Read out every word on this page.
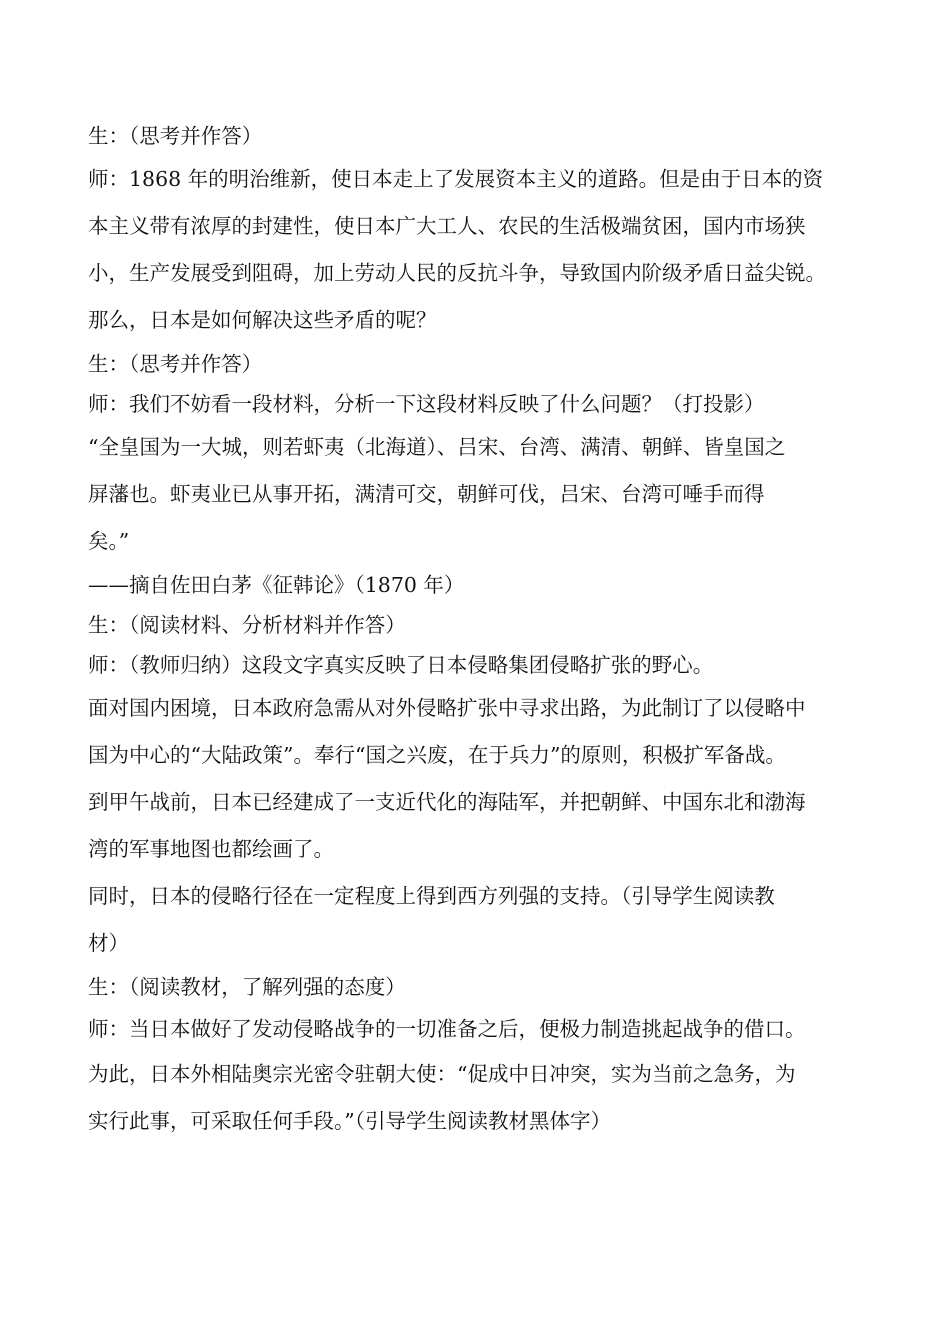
生：（思考并作答）
师：1868 年的明治维新，使日本走上了发展资本主义的道路。但是由于日本的资
本主义带有浓厚的封建性，使日本广大工人、农民的生活极端贫困，国内市场狭
小，生产发展受到阻碍，加上劳动人民的反抗斗争，导致国内阶级矛盾日益尖锐。
那么，日本是如何解决这些矛盾的呢？
生：（思考并作答）
师：我们不妨看一段材料，分析一下这段材料反映了什么问题？（打投影）
“全皇国为一大城，则若虾夷（北海道）、吕宋、台湾、满清、朝鲜、皆皇国之
屏藩也。虾夷业已从事开拓，满清可交，朝鲜可伐，吕宋、台湾可唾手而得
矣。”
——摘自佐田白茅《征韩论》（1870 年）
生：（阅读材料、分析材料并作答）
师：（教师归纳）这段文字真实反映了日本侵略集团侵略扩张的野心。
面对国内困境，日本政府急需从对外侵略扩张中寻求出路，为此制订了以侵略中
国为中心的“大陆政策”。奉行“国之兴废，在于兵力”的原则，积极扩军备战。
到甲午战前，日本已经建成了一支近代化的海陆军，并把朝鲜、中国东北和渤海
湾的军事地图也都绘画了。
同时，日本的侵略行径在一定程度上得到西方列强的支持。（引导学生阅读教
材）
生：（阅读教材，了解列强的态度）
师：当日本做好了发动侵略战争的一切准备之后，便极力制造挑起战争的借口。
为此，日本外相陆奥宗光密令驻朝大使：“促成中日冲突，实为当前之急务，为
实行此事，可采取任何手段。”（引导学生阅读教材黑体字）
